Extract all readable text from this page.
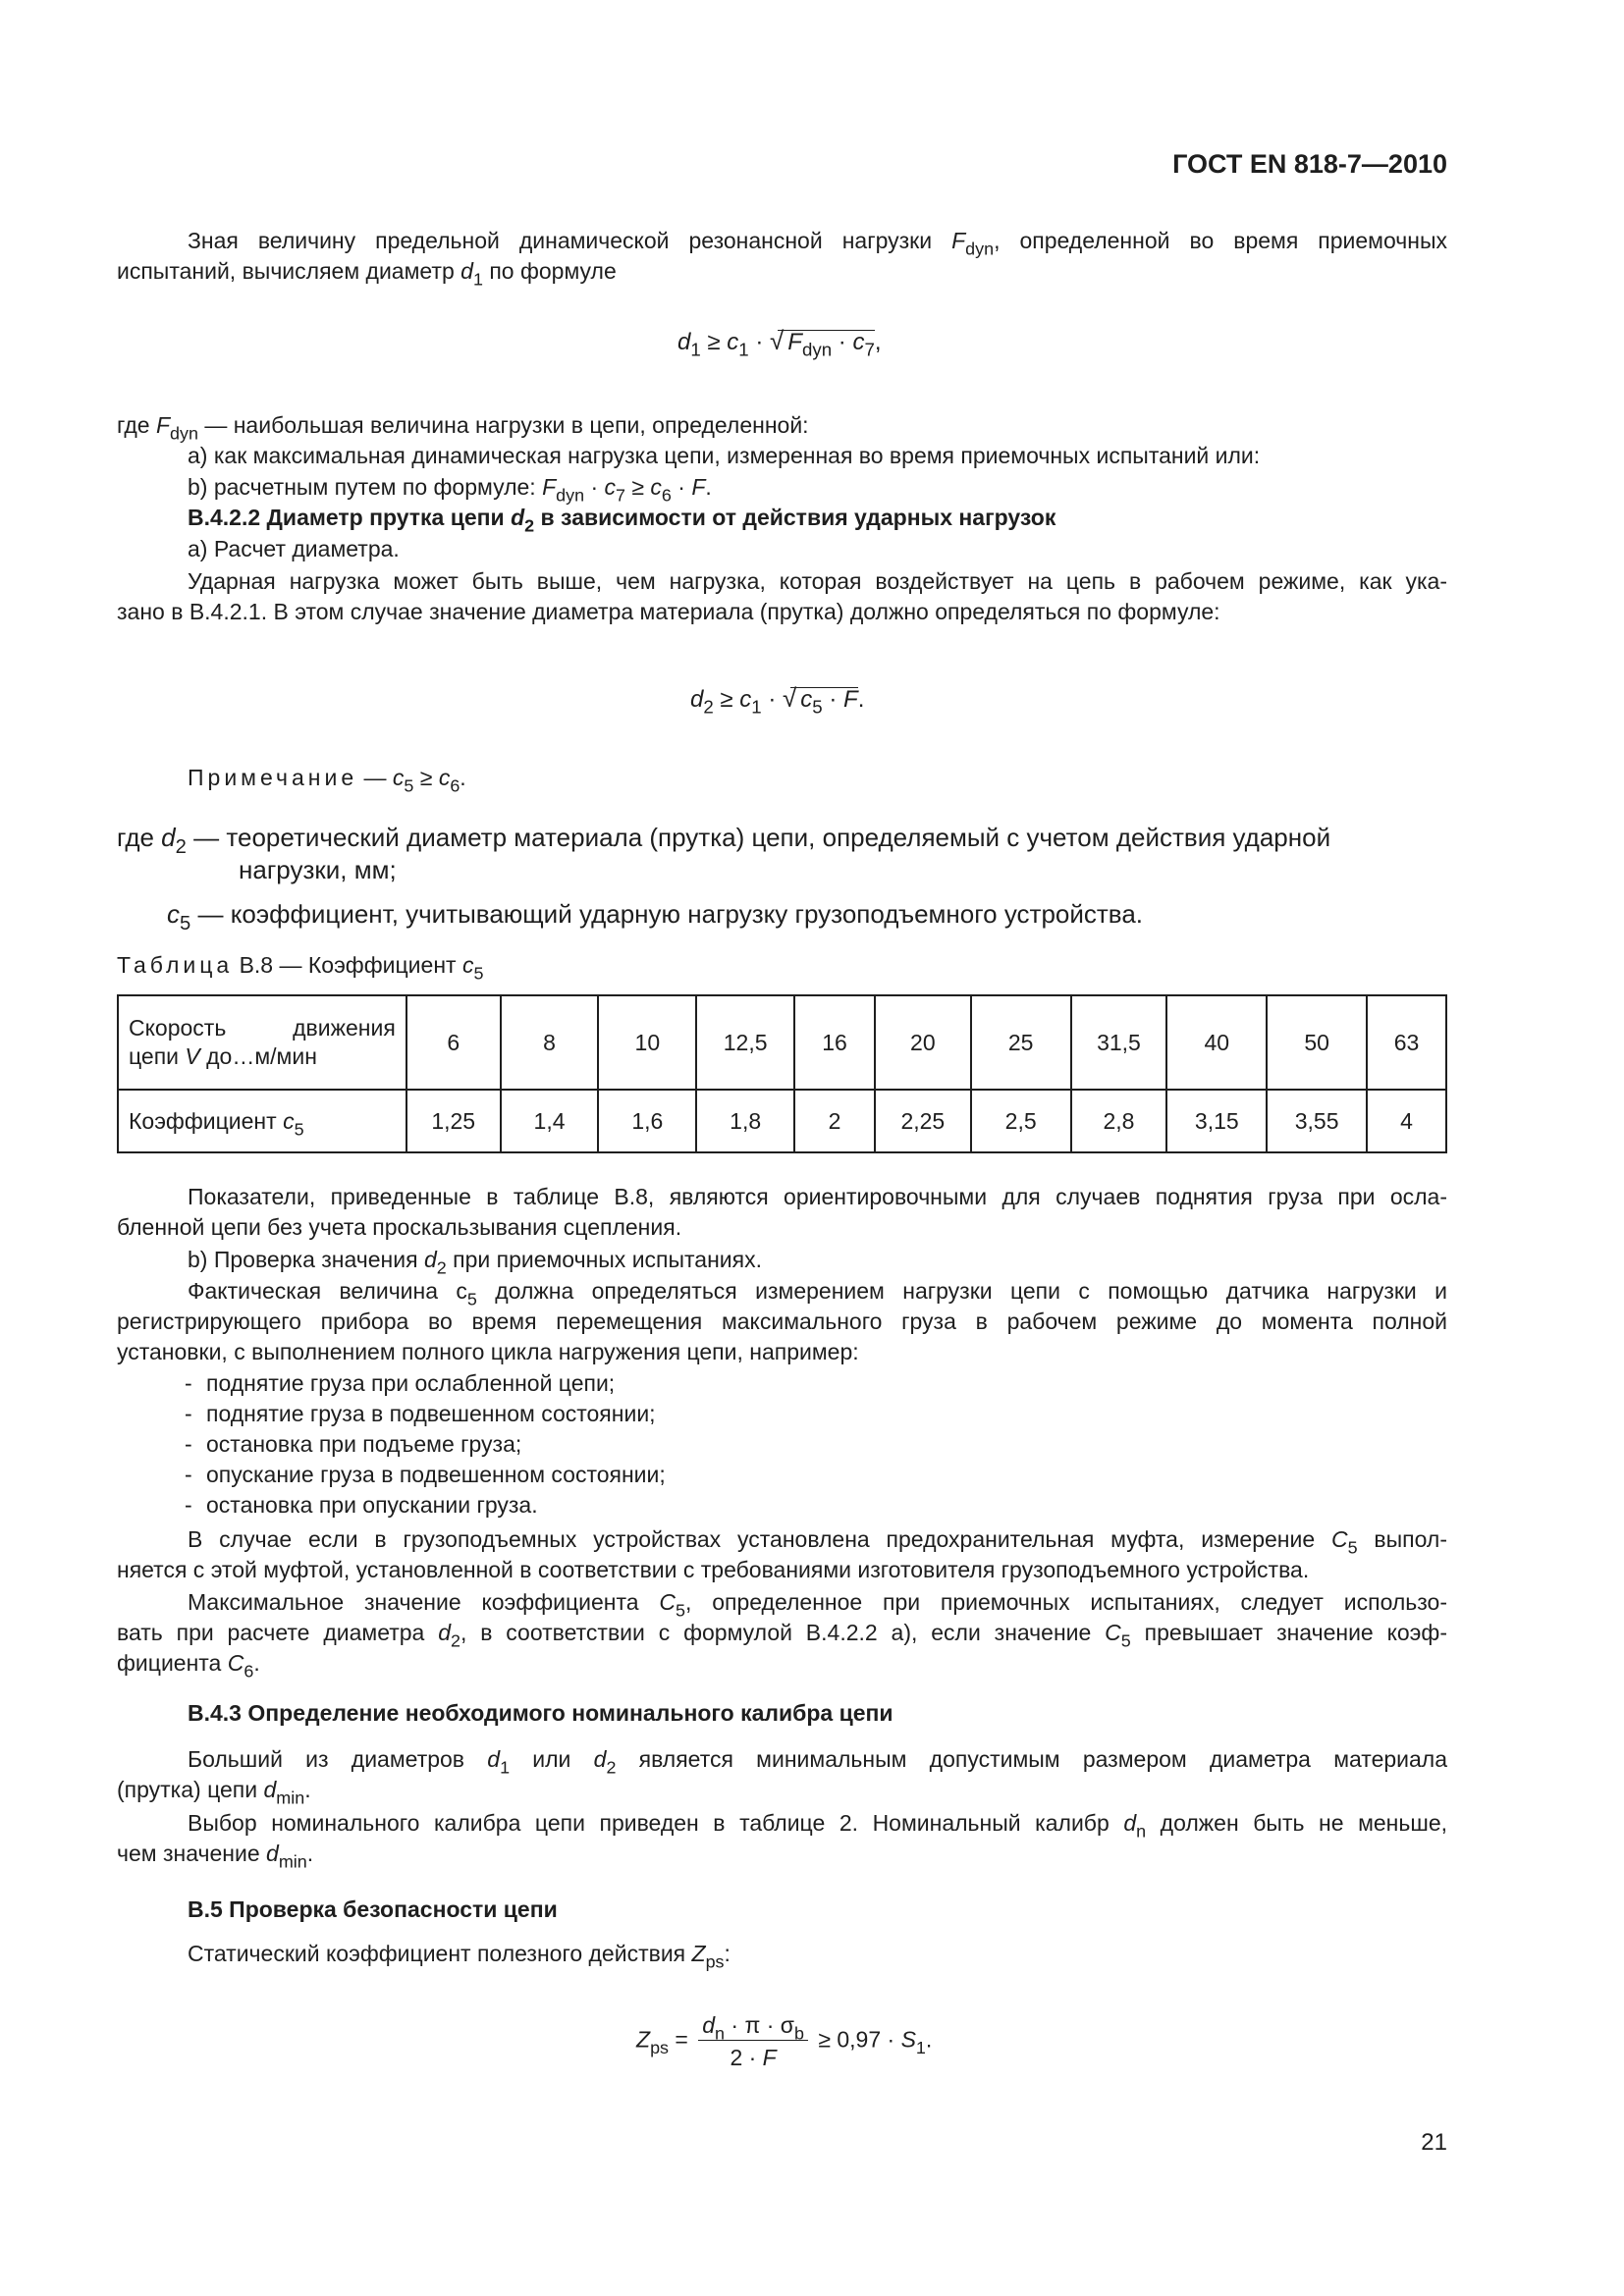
ГОСТ EN 818-7—2010
Зная величину предельной динамической резонансной нагрузки $F_{dyn}$, определенной во время приемочных
испытаний, вычисляем диаметр $d_1$ по формуле
$d_1 \ge c_1$ · √ $F_{dyn} \cdot c_7$,
где $F_{dyn}$ — наибольшая величина нагрузки в цепи, определенной:
a) как максимальная динамическая нагрузка цепи, измеренная во время приемочных испытаний или:
b) расчетным путем по формуле: $F_{dyn} \cdot c_7 \ge c_6 \cdot F$.
B.4.2.2 Диаметр прутка цепи $d_2$ в зависимости от действия ударных нагрузок
a) Расчет диаметра.
Ударная нагрузка может быть выше, чем нагрузка, которая воздействует на цепь в рабочем режиме, как ука-
зано в B.4.2.1. В этом случае значение диаметра материала (прутка) должно определяться по формуле:
$d_2 \ge c_1$ · √ $c_5 \cdot F$.
Примечание — $c_5 \ge c_6$.
где $d_2$ — теоретический диаметр материала (прутка) цепи, определяемый с учетом действия ударной
нагрузки, мм;
$c_5$ — коэффициент, учитывающий ударную нагрузку грузоподъемного устройства.
Таблица B.8 — Коэффициент $c_5$
Скорость движения
цепи V до…м/мин	6	8	10	12,5	16	20	25	31,5	40	50	63
Коэффициент $c_5$	1,25	1,4	1,6	1,8	2	2,25	2,5	2,8	3,15	3,55	4
Показатели, приведенные в таблице B.8, являются ориентировочными для случаев поднятия груза при ослa-
бленной цепи без учета проскальзывания сцепления.
b) Проверка значения $d_2$ при приемочных испытаниях.
Фактическая величина $с_5$ должна определяться измерением нагрузки цепи с помощью датчика нагрузки и
регистрирующего прибора во время перемещения максимального груза в рабочем режиме до момента полной
установки, с выполнением полного цикла нагружения цепи, например:
- поднятие груза при ослабленной цепи;
- поднятие груза в подвешенном состоянии;
- остановка при подъеме груза;
- опускание груза в подвешенном состоянии;
- остановка при опускании груза.
В случае если в грузоподъемных устройствах установлена предохранительная муфта, измерение $C_5$ выпол-
няется с этой муфтой, установленной в соответствии с требованиями изготовителя грузоподъемного устройства.
Максимальное значение коэффициента $C_5$, определенное при приемочных испытаниях, следует использо-
вать при расчете диаметра $d_2$, в соответствии с формулой B.4.2.2 a), если значение $C_5$ превышает значение коэф-
фициента $C_6$.
B.4.3 Определение необходимого номинального калибра цепи
Больший из диаметров $d_1$ или $d_2$ является минимальным допустимым размером диаметра материала
(прутка) цепи $d_{min}$.
Выбор номинального калибра цепи приведен в таблице 2. Номинальный калибр $d_n$ должен быть не меньше,
чем значение $d_{min}$.
B.5 Проверка безопасности цепи
Статический коэффициент полезного действия $Z_{ps}$:
$Z_{ps} = \frac{d_n \cdot \pi \cdot \sigma_b}{2 \cdot F} \ge 0,97 \cdot S_1$.
21
